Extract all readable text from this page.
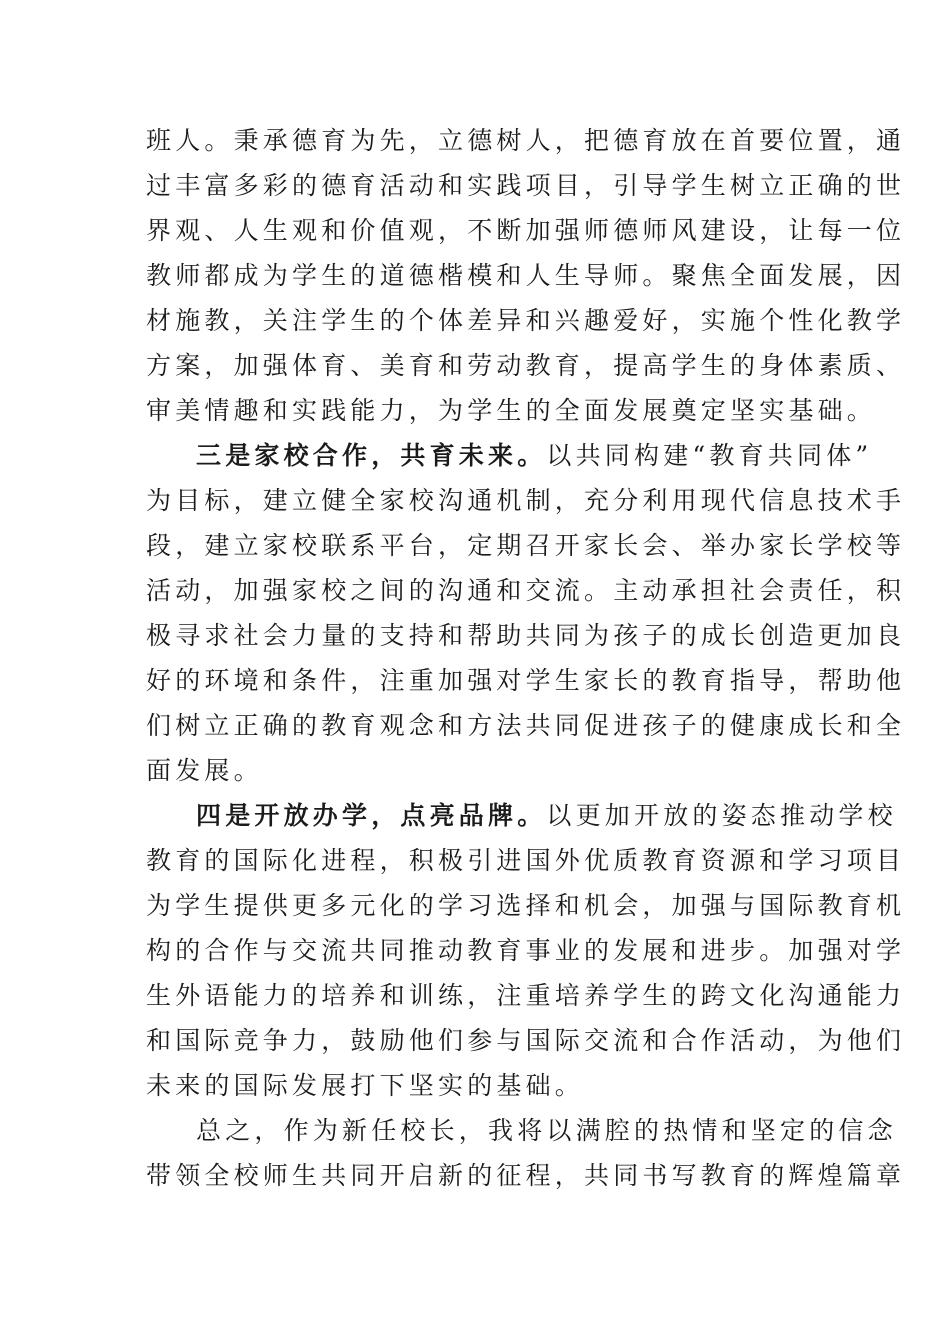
班人。秉承德育为先，立德树人，把德育放在首要位置，通
过丰富多彩的德育活动和实践项目，引导学生树立正确的世
界观、人生观和价值观，不断加强师德师风建设，让每一位
教师都成为学生的道德楷模和人生导师。聚焦全面发展，因
材施教，关注学生的个体差异和兴趣爱好，实施个性化教学
方案，加强体育、美育和劳动教育，提高学生的身体素质、
审美情趣和实践能力，为学生的全面发展奠定坚实基础。
三是家校合作，共育未来。以共同构建“教育共同体”
为目标，建立健全家校沟通机制，充分利用现代信息技术手
段，建立家校联系平台，定期召开家长会、举办家长学校等
活动，加强家校之间的沟通和交流。主动承担社会责任，积
极寻求社会力量的支持和帮助共同为孩子的成长创造更加良
好的环境和条件，注重加强对学生家长的教育指导，帮助他
们树立正确的教育观念和方法共同促进孩子的健康成长和全
面发展。
四是开放办学，点亮品牌。以更加开放的姿态推动学校
教育的国际化进程，积极引进国外优质教育资源和学习项目
为学生提供更多元化的学习选择和机会，加强与国际教育机
构的合作与交流共同推动教育事业的发展和进步。加强对学
生外语能力的培养和训练，注重培养学生的跨文化沟通能力
和国际竞争力，鼓励他们参与国际交流和合作活动，为他们
未来的国际发展打下坚实的基础。
总之，作为新任校长，我将以满腔的热情和坚定的信念
带领全校师生共同开启新的征程，共同书写教育的辉煌篇章
